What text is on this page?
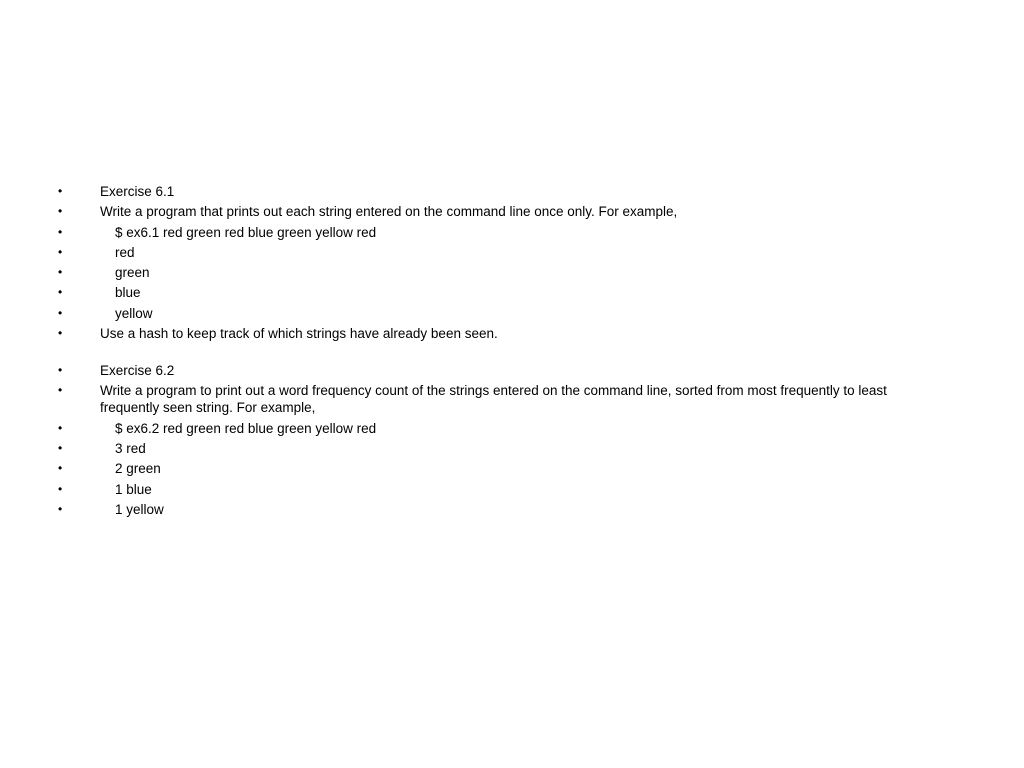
•	Exercise 6.1
•	Write a program that prints out each string entered on the command line once only. For example,
•	$ ex6.1 red green red blue green yellow red
•	red
•	green
•	blue
•	yellow
•	Use a hash to keep track of which strings have already been seen.
•	Exercise 6.2
•	Write a program to print out a word frequency count of the strings entered on the command line, sorted from most frequently to least frequently seen string. For example,
•	$ ex6.2 red green red blue green yellow red
•	3 red
•	2 green
•	1 blue
•	1 yellow
